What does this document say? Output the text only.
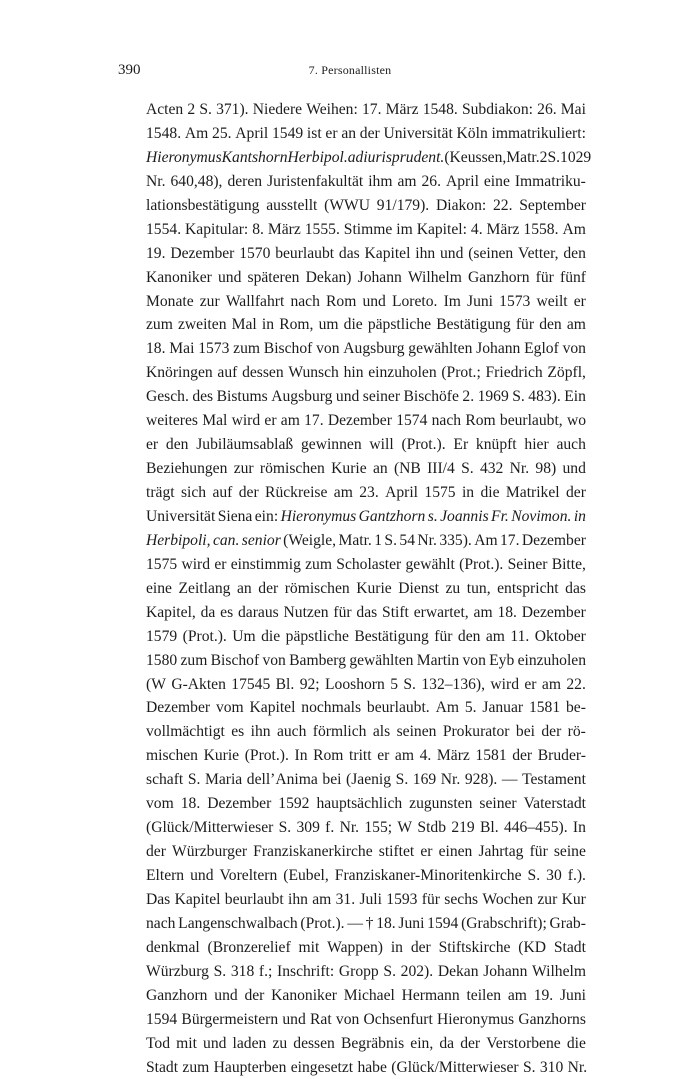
390	7. Personallisten
Acten 2 S. 371). Niedere Weihen: 17. März 1548. Subdiakon: 26. Mai
1548. Am 25. April 1549 ist er an der Universität Köln immatrikuliert:
Hieronymus Kantshorn Herbipol. ad iurisprudent. (Keussen, Matr. 2 S. 1029
Nr. 640,48), deren Juristenfakultät ihm am 26. April eine Immatriku-
lationsbestätigung ausstellt (WWU 91/179). Diakon: 22. September
1554. Kapitular: 8. März 1555. Stimme im Kapitel: 4. März 1558. Am
19. Dezember 1570 beurlaubt das Kapitel ihn und (seinen Vetter, den
Kanoniker und späteren Dekan) Johann Wilhelm Ganzhorn für fünf
Monate zur Wallfahrt nach Rom und Loreto. Im Juni 1573 weilt er
zum zweiten Mal in Rom, um die päpstliche Bestätigung für den am
18. Mai 1573 zum Bischof von Augsburg gewählten Johann Eglof von
Knöringen auf dessen Wunsch hin einzuholen (Prot.; Friedrich Zöpfl,
Gesch. des Bistums Augsburg und seiner Bischöfe 2. 1969 S. 483). Ein
weiteres Mal wird er am 17. Dezember 1574 nach Rom beurlaubt, wo
er den Jubiläumsablaß gewinnen will (Prot.). Er knüpft hier auch
Beziehungen zur römischen Kurie an (NB III/4 S. 432 Nr. 98) und
trägt sich auf der Rückreise am 23. April 1575 in die Matrikel der
Universität Siena ein: Hieronymus Gantzhorn s. Joannis Fr. Novimon. in
Herbipoli, can. senior (Weigle, Matr. 1 S. 54 Nr. 335). Am 17. Dezember
1575 wird er einstimmig zum Scholaster gewählt (Prot.). Seiner Bitte,
eine Zeitlang an der römischen Kurie Dienst zu tun, entspricht das
Kapitel, da es daraus Nutzen für das Stift erwartet, am 18. Dezember
1579 (Prot.). Um die päpstliche Bestätigung für den am 11. Oktober
1580 zum Bischof von Bamberg gewählten Martin von Eyb einzuholen
(W G-Akten 17545 Bl. 92; Looshorn 5 S. 132–136), wird er am 22.
Dezember vom Kapitel nochmals beurlaubt. Am 5. Januar 1581 be-
vollmächtigt es ihn auch förmlich als seinen Prokurator bei der rö-
mischen Kurie (Prot.). In Rom tritt er am 4. März 1581 der Bruder-
schaft S. Maria dell’Anima bei (Jaenig S. 169 Nr. 928). — Testament
vom 18. Dezember 1592 hauptsächlich zugunsten seiner Vaterstadt
(Glück/Mitterwieser S. 309 f. Nr. 155; W Stdb 219 Bl. 446–455). In
der Würzburger Franziskanerkirche stiftet er einen Jahrtag für seine
Eltern und Voreltern (Eubel, Franziskaner-Minoritenkirche S. 30 f.).
Das Kapitel beurlaubt ihn am 31. Juli 1593 für sechs Wochen zur Kur
nach Langenschwalbach (Prot.). — † 18. Juni 1594 (Grabschrift); Grab-
denkmal (Bronzerelief mit Wappen) in der Stiftskirche (KD Stadt
Würzburg S. 318 f.; Inschrift: Gropp S. 202). Dekan Johann Wilhelm
Ganzhorn und der Kanoniker Michael Hermann teilen am 19. Juni
1594 Bürgermeistern und Rat von Ochsenfurt Hieronymus Ganzhorns
Tod mit und laden zu dessen Begräbnis ein, da der Verstorbene die
Stadt zum Haupterben eingesetzt habe (Glück/Mitterwieser S. 310 Nr.
